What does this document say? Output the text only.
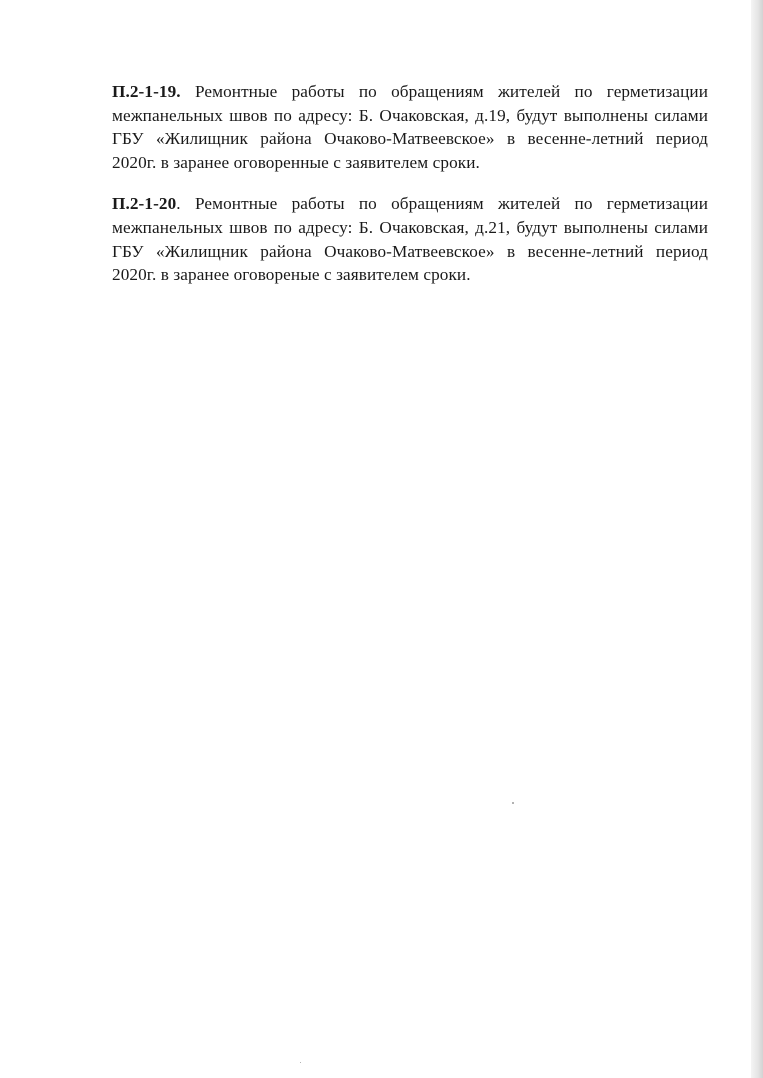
П.2-1-19. Ремонтные работы по обращениям жителей по герметизации межпанельных швов по адресу: Б. Очаковская, д.19, будут выполнены силами ГБУ «Жилищник района Очаково-Матвеевское» в весенне-летний период 2020г. в заранее оговоренные с заявителем сроки.

П.2-1-20. Ремонтные работы по обращениям жителей по герметизации межпанельных швов по адресу: Б. Очаковская, д.21, будут выполнены силами ГБУ «Жилищник района Очаково-Матвеевское» в весенне-летний период 2020г. в заранее оговореные с заявителем сроки.
